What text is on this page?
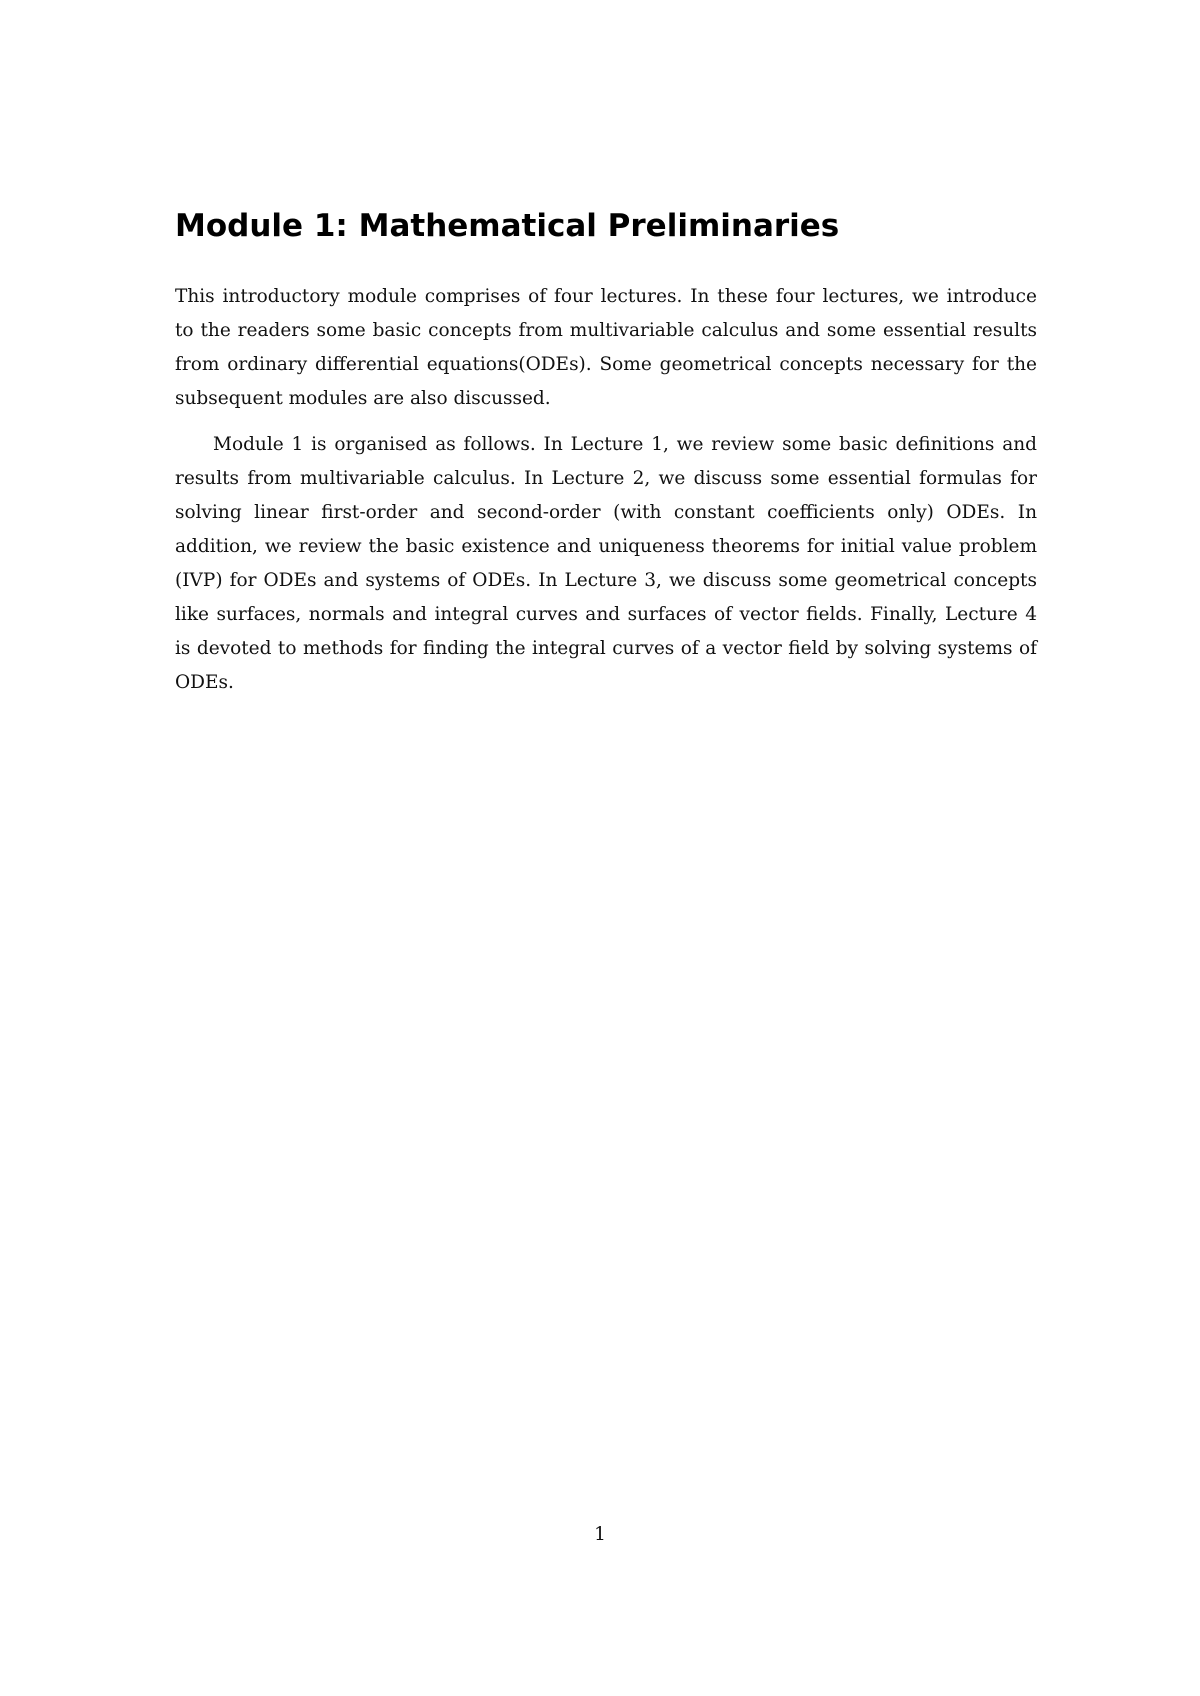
Module 1: Mathematical Preliminaries

This introductory module comprises of four lectures. In these four lectures, we introduce to the readers some basic concepts from multivariable calculus and some essential results from ordinary differential equations(ODEs). Some geometrical concepts necessary for the subsequent modules are also discussed.

Module 1 is organised as follows. In Lecture 1, we review some basic definitions and results from multivariable calculus. In Lecture 2, we discuss some essential formulas for solving linear first-order and second-order (with constant coefficients only) ODEs. In addition, we review the basic existence and uniqueness theorems for initial value problem (IVP) for ODEs and systems of ODEs. In Lecture 3, we discuss some geometrical concepts like surfaces, normals and integral curves and surfaces of vector fields. Finally, Lecture 4 is devoted to methods for finding the integral curves of a vector field by solving systems of ODEs.

1
